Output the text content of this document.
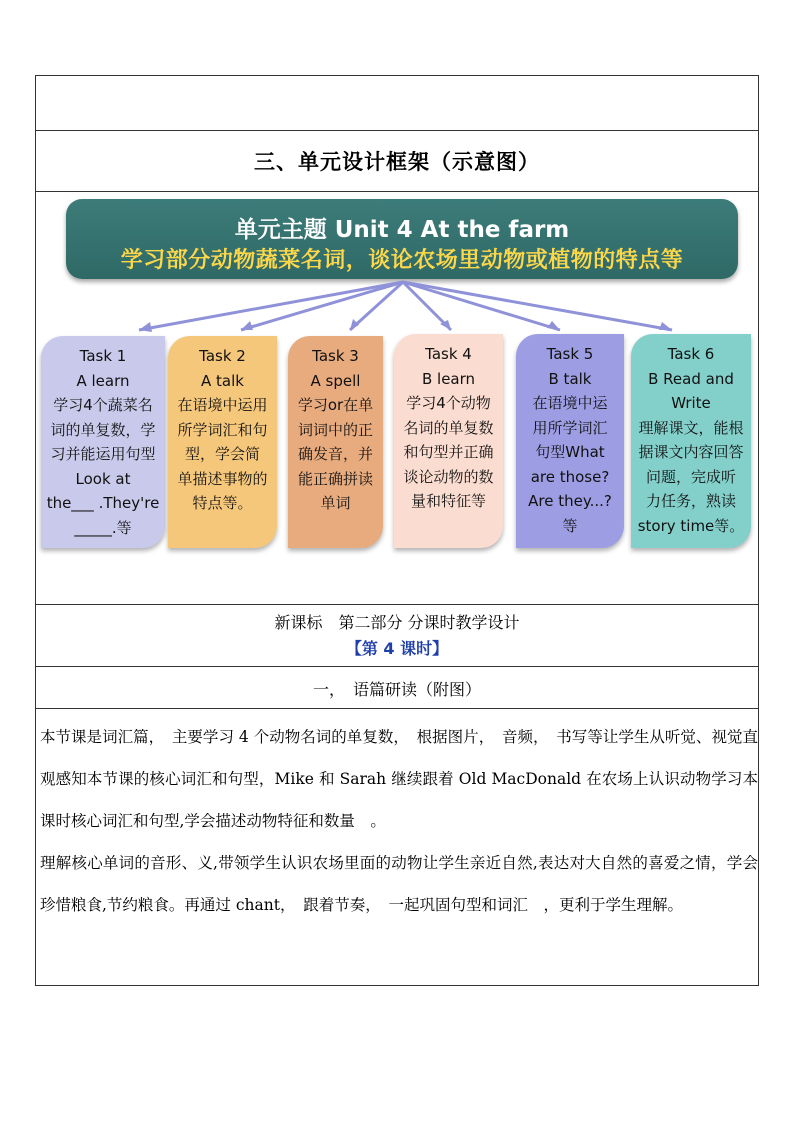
三、单元设计框架（示意图）
单元主题 Unit 4 At the farm
学习部分动物蔬菜名词，谈论农场里动物或植物的特点等
Task 1
A learn
学习4个蔬菜名
词的单复数，学
习并能运用句型
Look at
the___ .They're
_____.等
Task 2
A talk
在语境中运用
所学词汇和句
型，学会简
单描述事物的
特点等。
Task 3
A spell
学习or在单
词词中的正
确发音，并
能正确拼读
单词
Task 4
B learn
学习4个动物
名词的单复数
和句型并正确
谈论动物的数
量和特征等
Task 5
B talk
在语境中运
用所学词汇
句型What
are those?
Are they...?
等
Task 6
B Read and
Write
理解课文，能根
据课文内容回答
问题，完成听
力任务，熟读
story time等。
新课标　第二部分 分课时教学设计
【第 4 课时】
一，　语篇研读（附图）

本节课是词汇篇，　主要学习 4 个动物名词的单复数，　根据图片，　音频，　书写等让学生从听觉、视觉直观感知本节课的核心词汇和句型，Mike 和 Sarah 继续跟着 Old MacDonald 在农场上认识动物学习本课时核心词汇和句型,学会描述动物特征和数量　。

理解核心单词的音形、义,带领学生认识农场里面的动物让学生亲近自然,表达对大自然的喜爱之情，学会珍惜粮食,节约粮食。再通过 chant，　跟着节奏，　一起巩固句型和词汇　，更利于学生理解。
